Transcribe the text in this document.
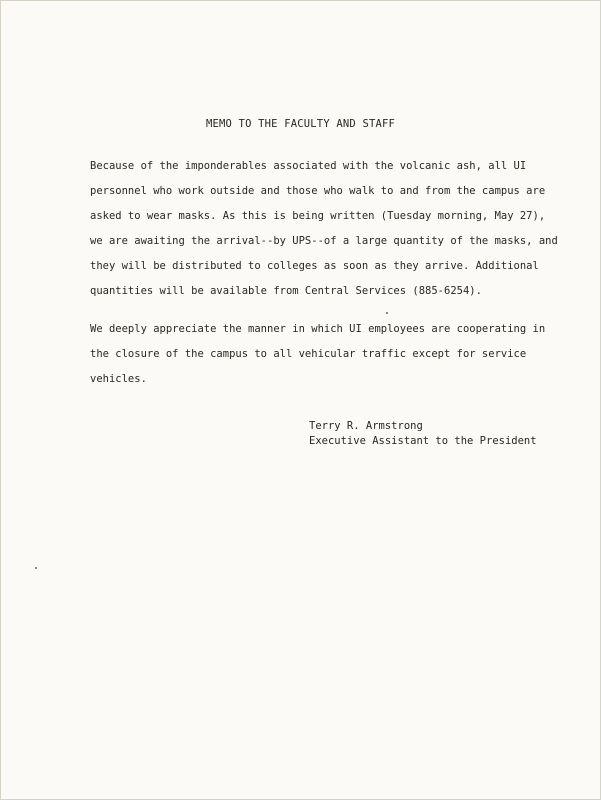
MEMO TO THE FACULTY AND STAFF
Because of the imponderables associated with the volcanic ash, all UI
personnel who work outside and those who walk to and from the campus are
asked to wear masks. As this is being written (Tuesday morning, May 27),
we are awaiting the arrival--by UPS--of a large quantity of the masks, and
they will be distributed to colleges as soon as they arrive. Additional
quantities will be available from Central Services (885-6254).
We deeply appreciate the manner in which UI employees are cooperating in
the closure of the campus to all vehicular traffic except for service
vehicles.
Terry R. Armstrong
Executive Assistant to the President
